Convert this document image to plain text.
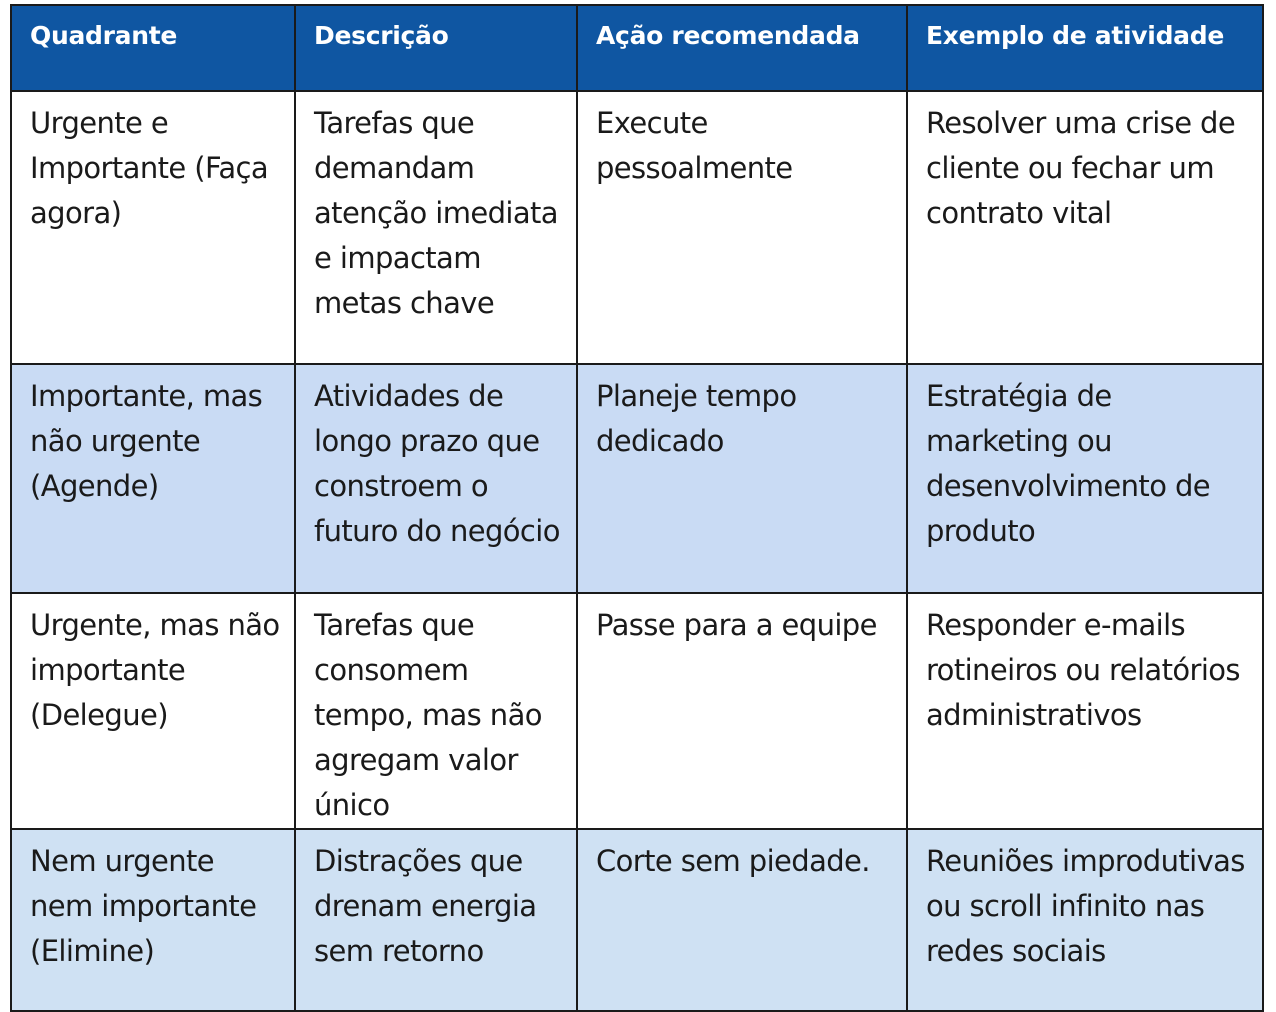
Quadrante	Descrição	Ação recomendada	Exemplo de atividade

Urgente e Importante (Faça agora)	Tarefas que demandam atenção imediata e impactam metas chave	Execute pessoalmente	Resolver uma crise de cliente ou fechar um contrato vital

Importante, mas não urgente (Agende)	Atividades de longo prazo que constroem o futuro do negócio	Planeje tempo dedicado	Estratégia de marketing ou desenvolvimento de produto

Urgente, mas não importante (Delegue)	Tarefas que consomem tempo, mas não agregam valor único	Passe para a equipe	Responder e-mails rotineiros ou relatórios administrativos

Nem urgente nem importante (Elimine)	Distrações que drenam energia sem retorno	Corte sem piedade.	Reuniões improdutivas ou scroll infinito nas redes sociais
